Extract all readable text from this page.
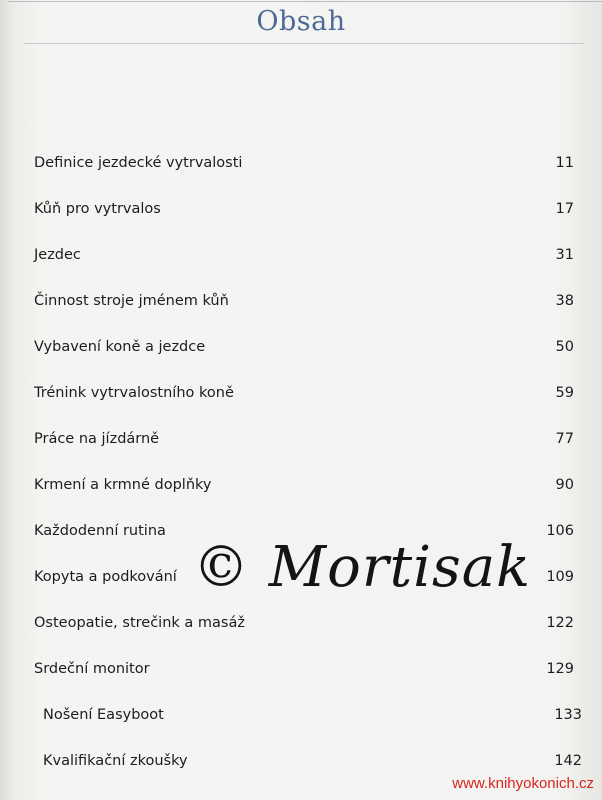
Obsah
Definice jezdecké vytrvalosti	11
Kůň pro vytrvalos	17
Jezdec	31
Činnost stroje jménem kůň	38
Vybavení koně a jezdce	50
Trénink vytrvalostního koně	59
Práce na jízdárně	77
Krmení a krmné doplňky	90
Každodenní rutina	106
Kopyta a podkování	109
Osteopatie, strečink a masáž	122
Srdeční monitor	129
Nošení Easyboot	133
Kvalifikační zkoušky	142
© Mortisak
www.knihyokonich.cz
